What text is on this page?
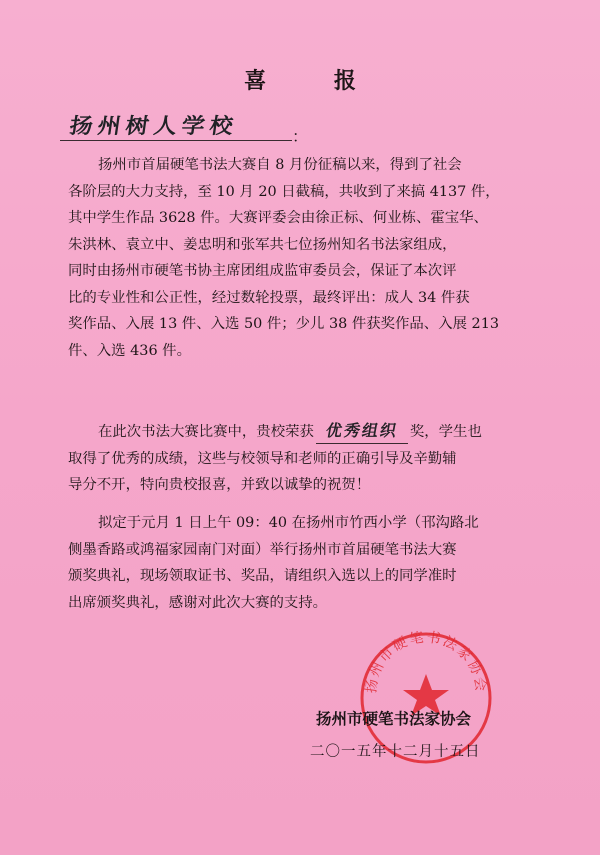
喜 报
扬州树人学校	：
扬州市首届硬笔书法大赛自 8 月份征稿以来，得到了社会
各阶层的大力支持，至 10 月 20 日截稿，共收到了来搞 4137 件，
其中学生作品 3628 件。大赛评委会由徐正标、何业栋、霍宝华、
朱洪林、袁立中、姜忠明和张军共七位扬州知名书法家组成，
同时由扬州市硬笔书协主席团组成监审委员会，保证了本次评
比的专业性和公正性，经过数轮投票，最终评出：成人 34 件获
奖作品、入展 13 件、入选 50 件；少儿 38 件获奖作品、入展 213
件、入选 436 件。
在此次书法大赛比赛中，贵校荣获 优秀组织 奖，学生也
取得了优秀的成绩，这些与校领导和老师的正确引导及辛勤辅
导分不开，特向贵校报喜，并致以诚挚的祝贺！
拟定于元月 1 日上午 09：40 在扬州市竹西小学（邗沟路北
侧墨香路或鸿福家园南门对面）举行扬州市首届硬笔书法大赛
颁奖典礼，现场领取证书、奖品，请组织入选以上的同学准时
出席颁奖典礼，感谢对此次大赛的支持。
扬州市硬笔书法家协会
扬州市硬笔书法家协会
二〇一五年十二月十五日
